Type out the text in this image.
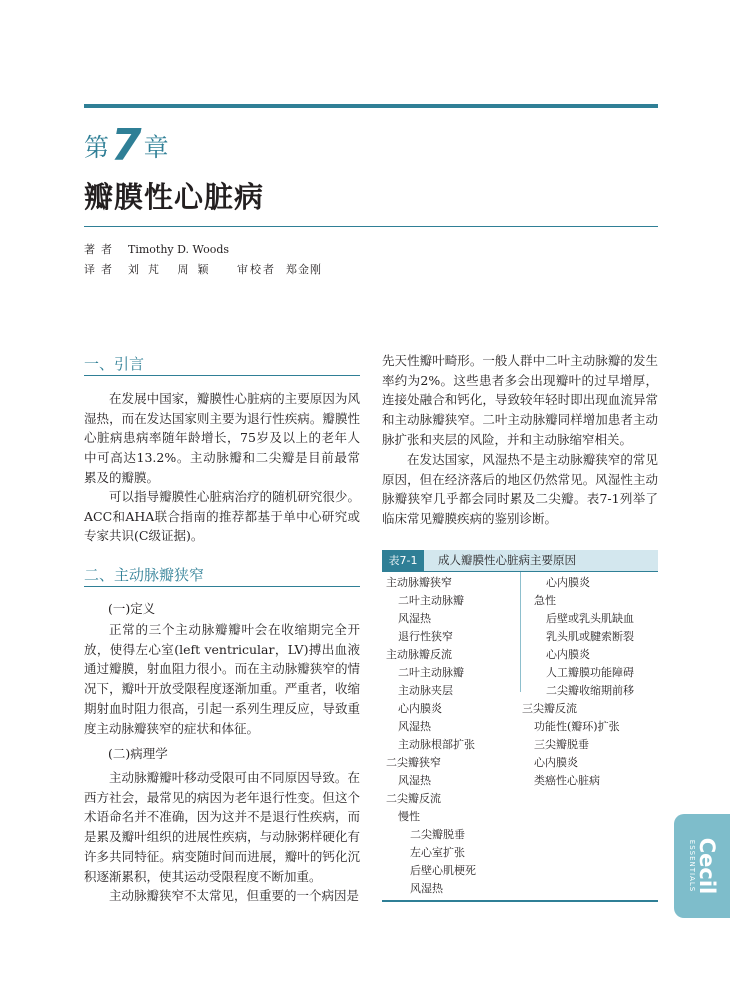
第7章
瓣膜性心脏病
著者 Timothy D. Woods
译者 刘芃 周颖 审校者 郑金刚
一、引言

在发展中国家，瓣膜性心脏病的主要原因为风湿热，而在发达国家则主要为退行性疾病。瓣膜性心脏病患病率随年龄增长，75岁及以上的老年人中可高达13.2%。主动脉瓣和二尖瓣是目前最常累及的瓣膜。

可以指导瓣膜性心脏病治疗的随机研究很少。ACC和AHA联合指南的推荐都基于单中心研究或专家共识(C级证据)。

二、主动脉瓣狭窄
(一)定义

正常的三个主动脉瓣瓣叶会在收缩期完全开放，使得左心室(left ventricular，LV)搏出血液通过瓣膜，射血阻力很小。而在主动脉瓣狭窄的情况下，瓣叶开放受限程度逐渐加重。严重者，收缩期射血时阻力很高，引起一系列生理反应，导致重度主动脉瓣狭窄的症状和体征。

(二)病理学

主动脉瓣瓣叶移动受限可由不同原因导致。在西方社会，最常见的病因为老年退行性变。但这个术语命名并不准确，因为这并不是退行性疾病，而是累及瓣叶组织的进展性疾病，与动脉粥样硬化有许多共同特征。病变随时间而进展，瓣叶的钙化沉积逐渐累积，使其运动受限程度不断加重。

主动脉瓣狭窄不太常见，但重要的一个病因是

先天性瓣叶畸形。一般人群中二叶主动脉瓣的发生率约为2%。这些患者多会出现瓣叶的过早增厚，连接处融合和钙化，导致较年轻时即出现血流异常和主动脉瓣狭窄。二叶主动脉瓣同样增加患者主动脉扩张和夹层的风险，并和主动脉缩窄相关。

在发达国家，风湿热不是主动脉瓣狭窄的常见原因，但在经济落后的地区仍然常见。风湿性主动脉瓣狭窄几乎都会同时累及二尖瓣。表7-1列举了临床常见瓣膜疾病的鉴别诊断。

表7-1	成人瓣膜性心脏病主要原因
主动脉瓣狭窄
二叶主动脉瓣
风湿热
退行性狭窄
主动脉瓣反流
二叶主动脉瓣
主动脉夹层
心内膜炎
风湿热
主动脉根部扩张
二尖瓣狭窄
风湿热
二尖瓣反流
慢性
二尖瓣脱垂
左心室扩张
后壁心肌梗死
风湿热
心内膜炎
急性
后壁或乳头肌缺血
乳头肌或腱索断裂
心内膜炎
人工瓣膜功能障碍
二尖瓣收缩期前移
三尖瓣反流
功能性(瓣环)扩张
三尖瓣脱垂
心内膜炎
类癌性心脏病
Cecil
ESSENTIALS
